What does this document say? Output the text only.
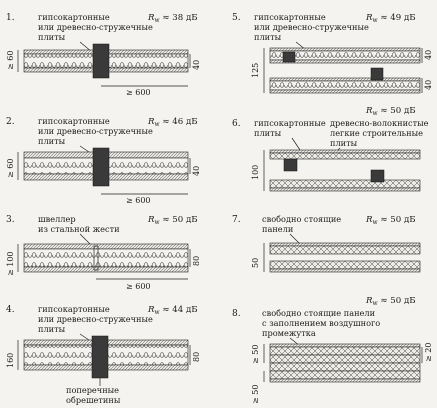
1.	гипсокартонные
или древесно-стружечные
плиты
$R_w \approx 38$ дБ
≥ 60	40
≥ 600
2.	гипсокартонные
или древесно-стружечные
плиты
$R_w \approx 46$ дБ
≥ 60	40
≥ 600
3.	швеллер
из стальной жести
$R_w \approx 50$ дБ
≥ 100	80
≥ 600
4.	гипсокартонные
или древесно-стружечные
плиты
$R_w \approx 44$ дБ
160	80
поперечные
обрешетины
5. гипсокартонные
или древесно-стружечные
плиты
$R_w \approx 49$ дБ
125
40
40
$R_w \approx 50$ дБ
6. гипсокартонные
плиты
древесно-волокнистые
легкие строительные
плиты
100
7.	свободно стоящие
панели
$R_w \approx 50$ дБ
50
$R_w \approx 50$ дБ
8.	свободно стоящие панели
с заполнением воздушного
промежутка
≥ 50	≥ 20
≥ 50
